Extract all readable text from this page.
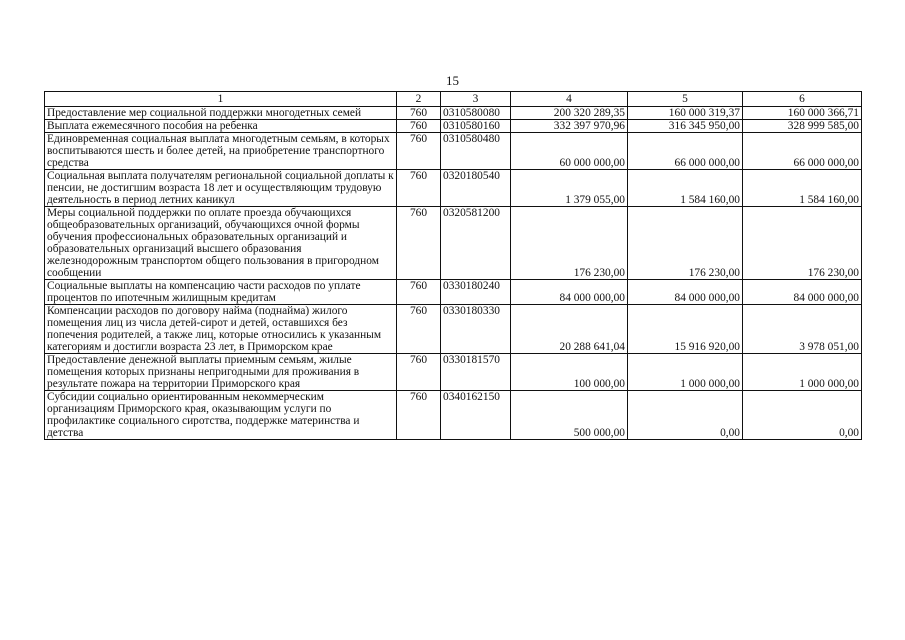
15
1	2	3	4	5	6
Предоставление мер социальной поддержки многодетных семей	760	0310580080	200 320 289,35	160 000 319,37	160 000 366,71
Выплата ежемесячного пособия на ребенка	760	0310580160	332 397 970,96	316 345 950,00	328 999 585,00
Единовременная социальная выплата многодетным семьям, в которых воспитываются шесть и более детей, на приобретение транспортного средства	760	0310580480	60 000 000,00	66 000 000,00	66 000 000,00
Социальная выплата получателям региональной социальной доплаты к пенсии, не достигшим возраста 18 лет и осуществляющим трудовую деятельность в период летних каникул	760	0320180540	1 379 055,00	1 584 160,00	1 584 160,00
Меры социальной поддержки по оплате проезда обучающихся общеобразовательных организаций, обучающихся очной формы обучения профессиональных образовательных организаций и образовательных организаций высшего образования железнодорожным транспортом общего пользования в пригородном сообщении	760	0320581200	176 230,00	176 230,00	176 230,00
Социальные выплаты на компенсацию части расходов по уплате процентов по ипотечным жилищным кредитам	760	0330180240	84 000 000,00	84 000 000,00	84 000 000,00
Компенсации расходов по договору найма (поднайма) жилого помещения лиц из числа детей-сирот и детей, оставшихся без попечения родителей, а также лиц, которые относились к указанным категориям и достигли возраста 23 лет, в Приморском крае	760	0330180330	20 288 641,04	15 916 920,00	3 978 051,00
Предоставление денежной выплаты приемным семьям, жилые помещения которых признаны непригодными для проживания в результате пожара на территории Приморского края	760	0330181570	100 000,00	1 000 000,00	1 000 000,00
Субсидии социально ориентированным некоммерческим организациям Приморского края, оказывающим услуги по профилактике социального сиротства, поддержке материнства и детства	760	0340162150	500 000,00	0,00	0,00
